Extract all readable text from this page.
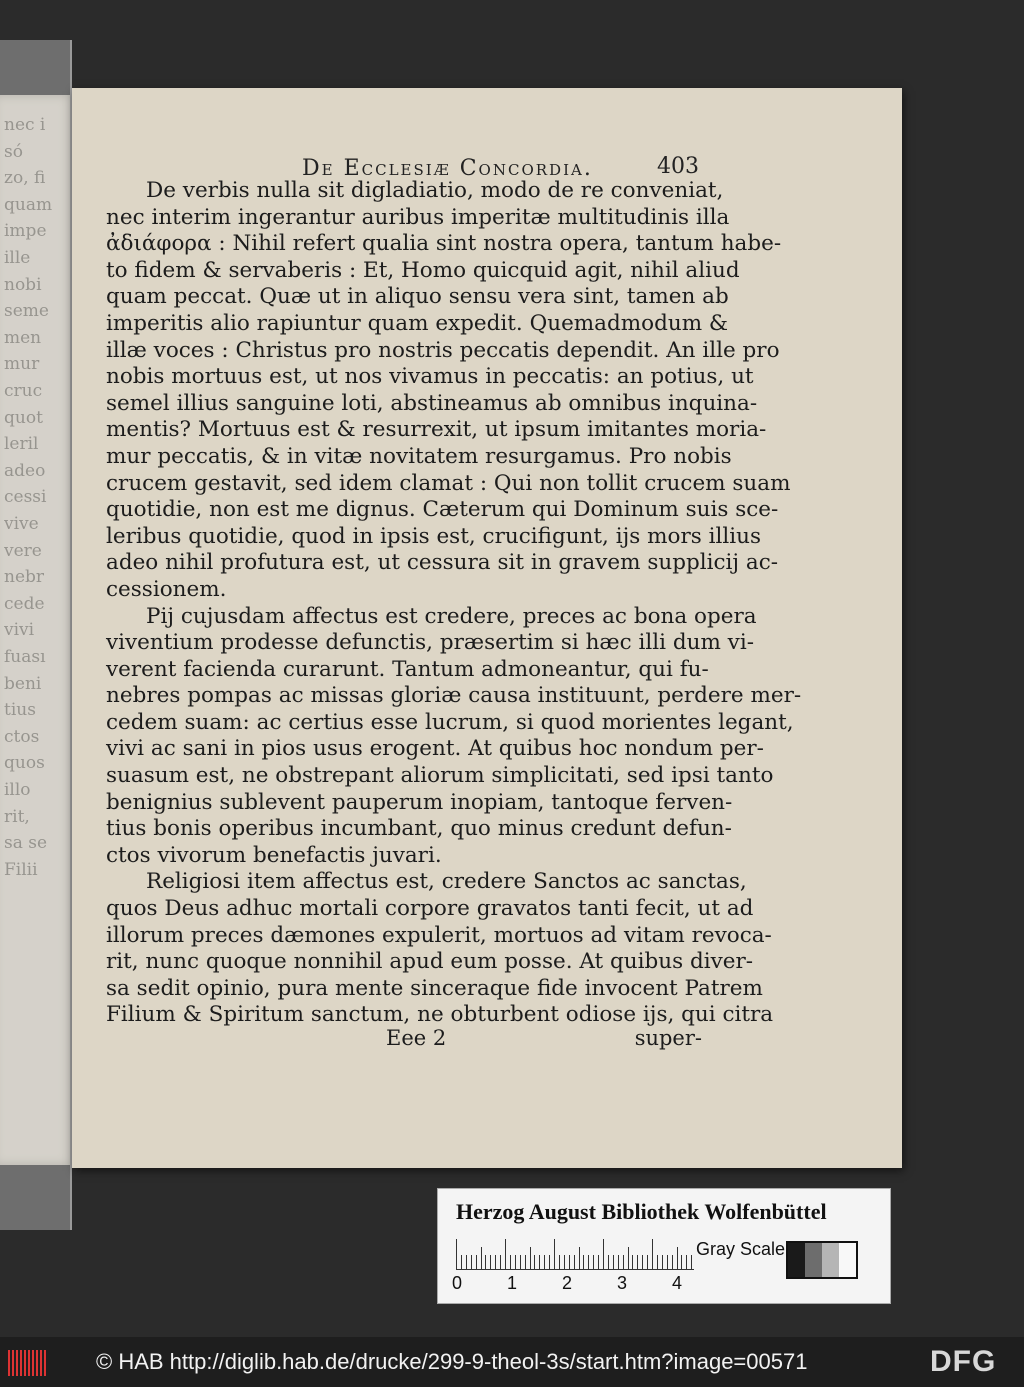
nec i
só
zo, fi
quam
impe
ille
nobi
seme
men
mur
cruc
quot
leril
adeo
cessi
vive
vere
nebr
cede
vivi
fuası
beni
tius
ctos
quos
illo
rit,
sa se
Filii
De Ecclesiæ Concordia.	403
De verbis nulla sit digladiatio, modo de re conveniat,
nec interim ingerantur auribus imperitæ multitudinis illa
ἀδιάφορα : Nihil refert qualia sint nostra opera, tantum habe-
to fidem & servaberis : Et, Homo quicquid agit, nihil aliud
quam peccat. Quæ ut in aliquo sensu vera sint, tamen ab
imperitis alio rapiuntur quam expedit. Quemadmodum &
illæ voces : Christus pro nostris peccatis dependit. An ille pro
nobis mortuus est, ut nos vivamus in peccatis: an potius, ut
semel illius sanguine loti, abstineamus ab omnibus inquina-
mentis? Mortuus est & resurrexit, ut ipsum imitantes moria-
mur peccatis, & in vitæ novitatem resurgamus. Pro nobis
crucem gestavit, sed idem clamat : Qui non tollit crucem suam
quotidie, non est me dignus. Cæterum qui Dominum suis sce-
leribus quotidie, quod in ipsis est, crucifigunt, ijs mors illius
adeo nihil profutura est, ut cessura sit in gravem supplicij ac-
cessionem.
Pij cujusdam affectus est credere, preces ac bona opera
viventium prodesse defunctis, præsertim si hæc illi dum vi-
verent facienda curarunt. Tantum admoneantur, qui fu-
nebres pompas ac missas gloriæ causa instituunt, perdere mer-
cedem suam: ac certius esse lucrum, si quod morientes legant,
vivi ac sani in pios usus erogent. At quibus hoc nondum per-
suasum est, ne obstrepant aliorum simplicitati, sed ipsi tanto
benignius sublevent pauperum inopiam, tantoque ferven-
tius bonis operibus incumbant, quo minus credunt defun-
ctos vivorum benefactis juvari.
Religiosi item affectus est, credere Sanctos ac sanctas,
quos Deus adhuc mortali corpore gravatos tanti fecit, ut ad
illorum preces dæmones expulerit, mortuos ad vitam revoca-
rit, nunc quoque nonnihil apud eum posse. At quibus diver-
sa sedit opinio, pura mente sinceraque fide invocent Patrem
Filium & Spiritum sanctum, ne obturbent odiose ijs, qui citra
Eee 2	super-
Herzog August Bibliothek Wolfenbüttel
0 1 2 3 4
Gray Scale
© HAB http://diglib.hab.de/drucke/299-9-theol-3s/start.htm?image=00571	DFG
